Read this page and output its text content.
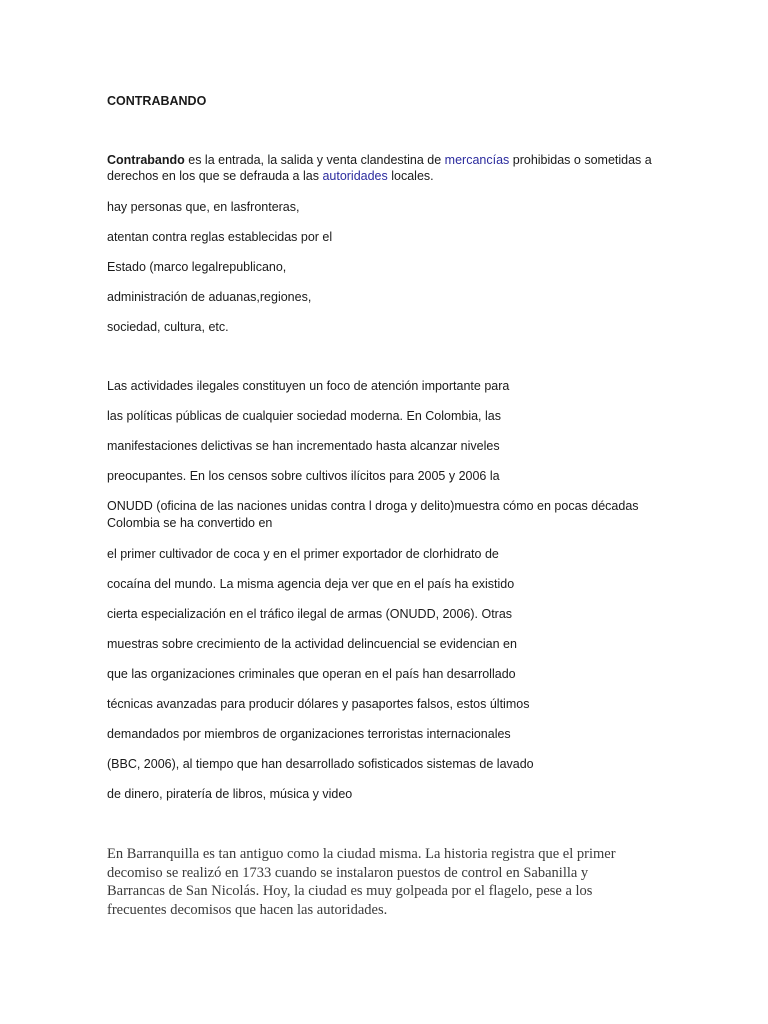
CONTRABANDO
Contrabando es la entrada, la salida y venta clandestina de mercancías prohibidas o sometidas a
derechos en los que se defrauda a las autoridades locales.
hay personas que, en lasfronteras,
atentan contra reglas establecidas por el
Estado (marco legalrepublicano,
administración de aduanas,regiones,
sociedad, cultura, etc.
Las actividades ilegales constituyen un foco de atención importante para
las políticas públicas de cualquier sociedad moderna. En Colombia, las
manifestaciones delictivas se han incrementado hasta alcanzar niveles
preocupantes. En los censos sobre cultivos ilícitos para 2005 y 2006 la
ONUDD (oficina de las naciones unidas contra l droga y delito)muestra cómo en pocas décadas
Colombia se ha convertido en
el primer cultivador de coca y en el primer exportador de clorhidrato de
cocaína del mundo. La misma agencia deja ver que en el país ha existido
cierta especialización en el tráfico ilegal de armas (ONUDD, 2006). Otras
muestras sobre crecimiento de la actividad delincuencial se evidencian en
que las organizaciones criminales que operan en el país han desarrollado
técnicas avanzadas para producir dólares y pasaportes falsos, estos últimos
demandados por miembros de organizaciones terroristas internacionales
(BBC, 2006), al tiempo que han desarrollado sofisticados sistemas de lavado
de dinero, piratería de libros, música y video
En Barranquilla es tan antiguo como la ciudad misma. La historia registra que el primer decomiso se realizó en 1733 cuando se instalaron puestos de control en Sabanilla y Barrancas de San Nicolás. Hoy, la ciudad es muy golpeada por el flagelo, pese a los frecuentes decomisos que hacen las autoridades.
